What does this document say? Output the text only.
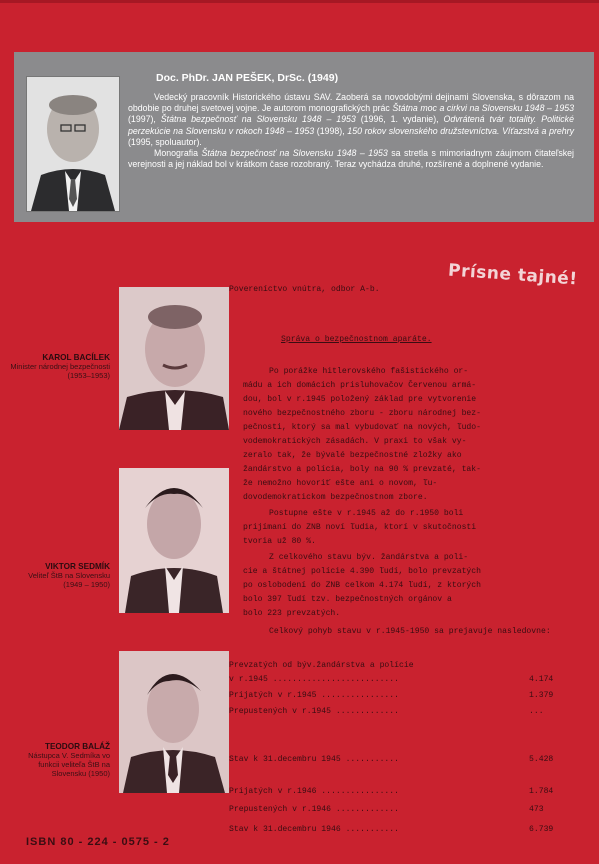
Doc. PhDr. JAN PEŠEK, DrSc. (1949)

Vedecký pracovník Historického ústavu SAV. Zaoberá sa novodobými dejinami Slovenska, s dôrazom na obdobie po druhej svetovej vojne. Je autorom monografických prác Štátna moc a cirkvi na Slovensku 1948 – 1953 (1997), Štátna bezpečnosť na Slovensku 1948 – 1953 (1996, 1. vydanie), Odvrátená tvár totality. Politické perzekúcie na Slovensku v rokoch 1948 – 1953 (1998), 150 rokov slovenského družstevníctva. Víťazstvá a prehry (1995, spoluautor).

Monografia Štátna bezpečnosť na Slovensku 1948 – 1953 sa stretla s mimoriadnym záujmom čitateľskej verejnosti a jej náklad bol v krátkom čase rozobraný. Teraz vychádza druhé, rozšírené a doplnené vydanie.

KAROL BACÍLEK
Minister národnej bezpečnosti (1953–1953)
VIKTOR SEDMÍK
Veliteľ ŠtB na Slovensku (1949 – 1950)
TEODOR BALÁŽ
Nástupca V. Sedmíka vo funkcii veliteľa ŠtB na Slovensku (1950)
Povereníctvo vnútra, odbor A-b.
Správa o bezpečnostnom aparáte.
Po porážke hitlerovského fašistického or-
mádu a ich domácich prisluhovačov Červenou armá-
dou, bol v r.1945 položený základ pre vytvorenie
nového bezpečnostného zboru - zboru národnej bez-
pečnosti, ktorý sa mal vybudovať na nových, ľudo-
vodemokratických zásadách. V praxi to však vy-
zeralo tak, že bývalé bezpečnostné zložky ako
žandárstvo a polícia, boly na 90 % prevzaté, tak-
že nemožno hovoriť ešte ani o novom, ľu-
dovodemokratickom bezpečnostnom zbore.
Postupne ešte v r.1945 až do r.1950 boli
prijímaní do ZNB noví ľudia, ktorí v skutočnosti
tvoria už 80 %.
Z celkového stavu býv. žandárstva a poli-
cie a štátnej polície 4.390 ľudí, bolo prevzatých
po oslobodení do ZNB celkom 4.174 ľudí, z ktorých
bolo 397 ľudí tzv. bezpečnostných orgánov a
bolo 223 prevzatých.
Celkový pohyb stavu v r.1945-1950 sa prejavuje nasledovne:
Prevzatých od býv.žandárstva a polície
v r.1945 ..........................	4.174
Prijatých v r.1945 ................	1.379
Prepustených v r.1945 .............	...
Stav k 31.decembru 1945 ...........	5.428
Prijatých v r.1946 ................	1.784
Prepustených v r.1946 .............	473
Stav k 31.decembru 1946 ...........	6.739
Prísne tajné!
ISBN 80 - 224 - 0575 - 2
